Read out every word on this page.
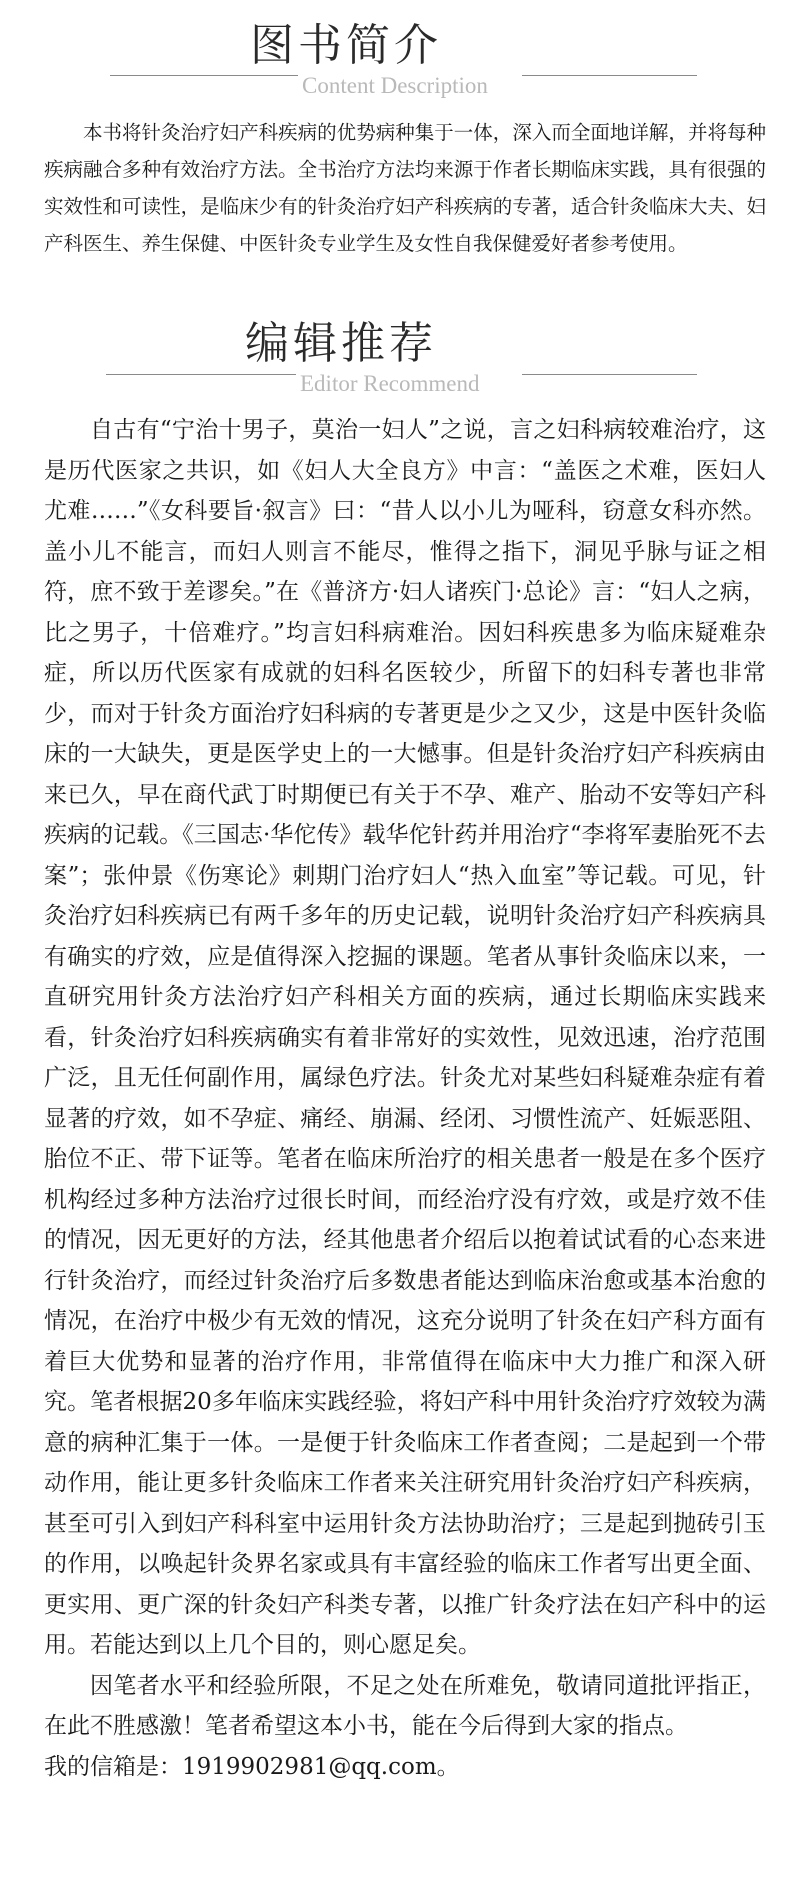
图书简介
Content Description

本书将针灸治疗妇产科疾病的优势病种集于一体，深入而全面地详解，并将每种疾病融合多种有效治疗方法。全书治疗方法均来源于作者长期临床实践，具有很强的实效性和可读性，是临床少有的针灸治疗妇产科疾病的专著，适合针灸临床大夫、妇产科医生、养生保健、中医针灸专业学生及女性自我保健爱好者参考使用。

编辑推荐
Editor Recommend

自古有“宁治十男子，莫治一妇人”之说，言之妇科病较难治疗，这是历代医家之共识，如《妇人大全良方》中言：“盖医之术难，医妇人尤难……”《女科要旨·叙言》曰：“昔人以小儿为哑科，窃意女科亦然。盖小儿不能言，而妇人则言不能尽，惟得之指下，洞见乎脉与证之相符，庶不致于差谬矣。”在《普济方·妇人诸疾门·总论》言：“妇人之病，比之男子，十倍难疗。”均言妇科病难治。因妇科疾患多为临床疑难杂症，所以历代医家有成就的妇科名医较少，所留下的妇科专著也非常少，而对于针灸方面治疗妇科病的专著更是少之又少，这是中医针灸临床的一大缺失，更是医学史上的一大憾事。但是针灸治疗妇产科疾病由来已久，早在商代武丁时期便已有关于不孕、难产、胎动不安等妇产科疾病的记载。《三国志·华佗传》载华佗针药并用治疗“李将军妻胎死不去案”；张仲景《伤寒论》刺期门治疗妇人“热入血室”等记载。可见，针灸治疗妇科疾病已有两千多年的历史记载，说明针灸治疗妇产科疾病具有确实的疗效，应是值得深入挖掘的课题。笔者从事针灸临床以来，一直研究用针灸方法治疗妇产科相关方面的疾病，通过长期临床实践来看，针灸治疗妇科疾病确实有着非常好的实效性，见效迅速，治疗范围广泛，且无任何副作用，属绿色疗法。针灸尤对某些妇科疑难杂症有着显著的疗效，如不孕症、痛经、崩漏、经闭、习惯性流产、妊娠恶阻、胎位不正、带下证等。笔者在临床所治疗的相关患者一般是在多个医疗机构经过多种方法治疗过很长时间，而经治疗没有疗效，或是疗效不佳的情况，因无更好的方法，经其他患者介绍后以抱着试试看的心态来进行针灸治疗，而经过针灸治疗后多数患者能达到临床治愈或基本治愈的情况，在治疗中极少有无效的情况，这充分说明了针灸在妇产科方面有着巨大优势和显著的治疗作用，非常值得在临床中大力推广和深入研究。笔者根据20多年临床实践经验，将妇产科中用针灸治疗疗效较为满意的病种汇集于一体。一是便于针灸临床工作者查阅；二是起到一个带动作用，能让更多针灸临床工作者来关注研究用针灸治疗妇产科疾病，甚至可引入到妇产科科室中运用针灸方法协助治疗；三是起到抛砖引玉的作用，以唤起针灸界名家或具有丰富经验的临床工作者写出更全面、更实用、更广深的针灸妇产科类专著，以推广针灸疗法在妇产科中的运用。若能达到以上几个目的，则心愿足矣。

因笔者水平和经验所限，不足之处在所难免，敬请同道批评指正，在此不胜感激！笔者希望这本小书，能在今后得到大家的指点。

我的信箱是：1919902981@qq.com。
